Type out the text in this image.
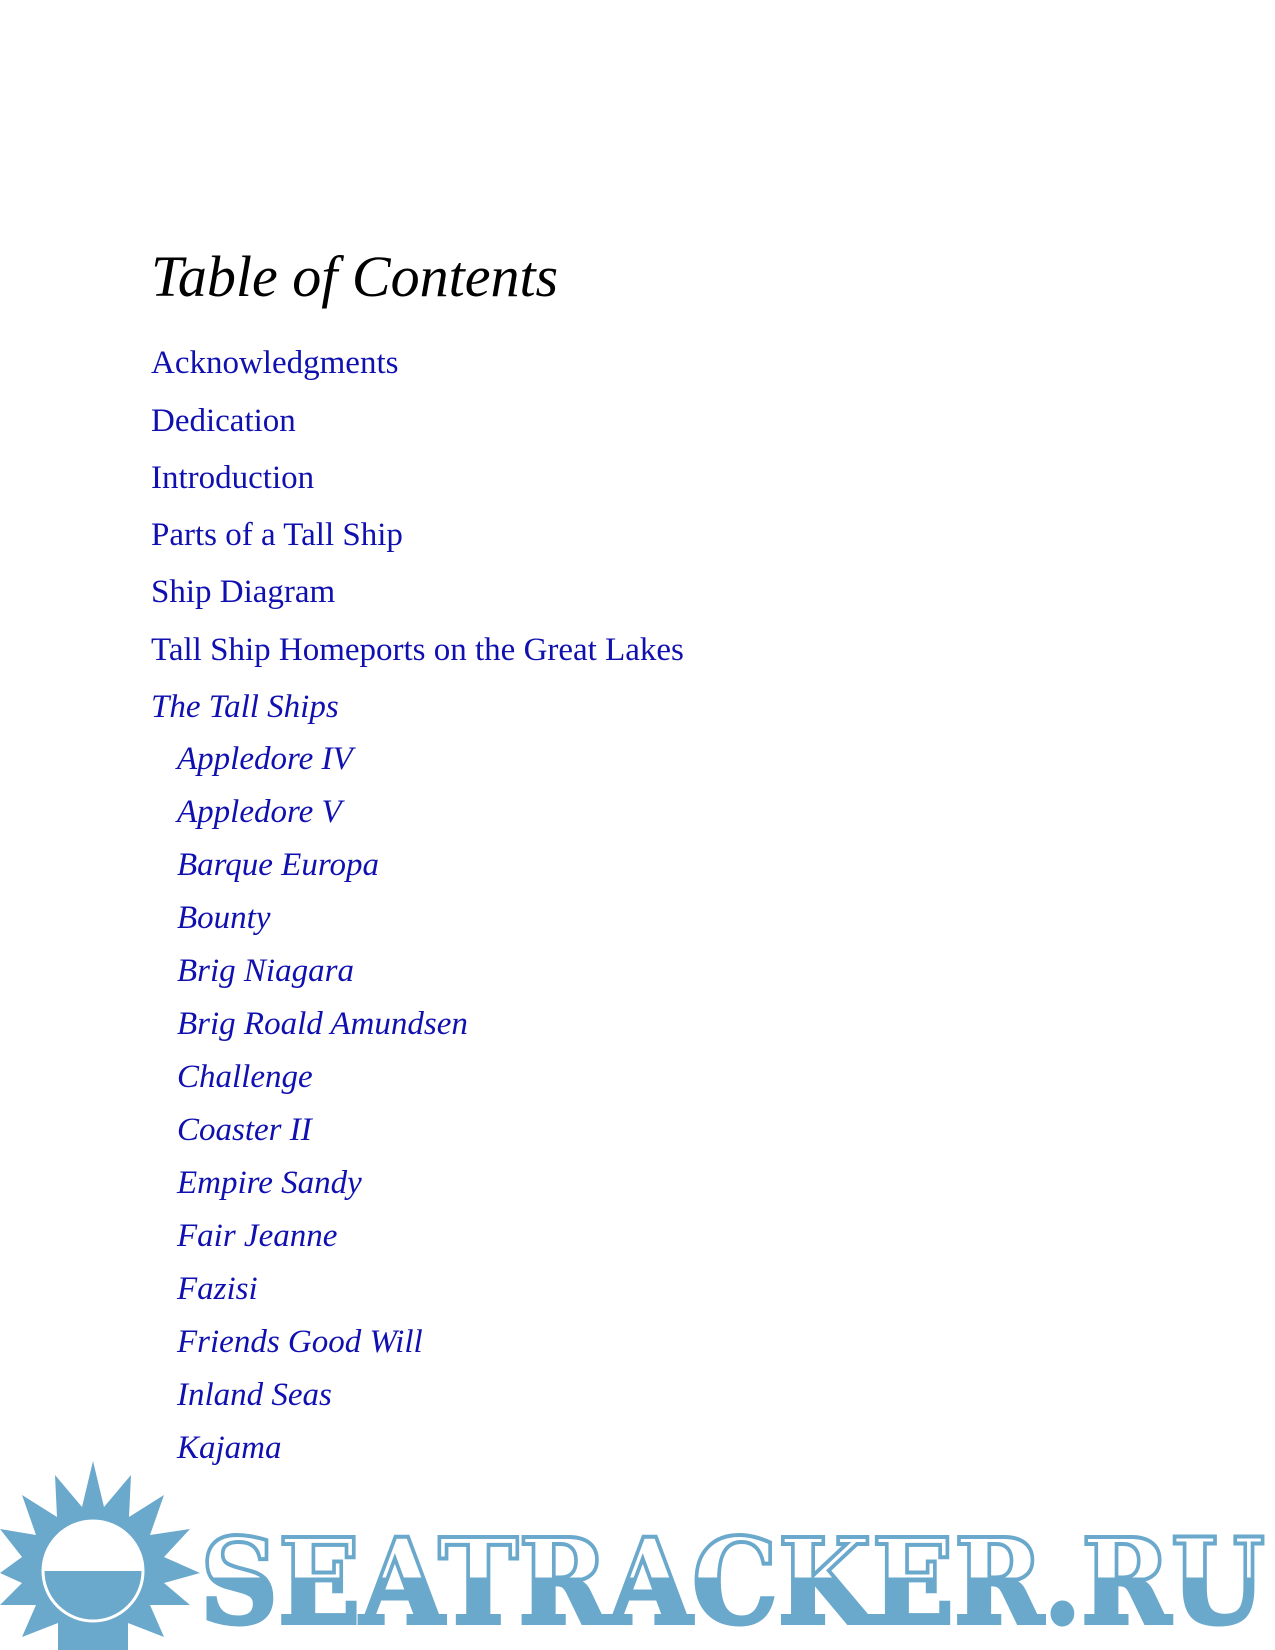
Table of Contents
Acknowledgments
Dedication
Introduction
Parts of a Tall Ship
Ship Diagram
Tall Ship Homeports on the Great Lakes
The Tall Ships
Appledore IV
Appledore V
Barque Europa
Bounty
Brig Niagara
Brig Roald Amundsen
Challenge
Coaster II
Empire Sandy
Fair Jeanne
Fazisi
Friends Good Will
Inland Seas
Kajama
SEATRACKER.RU
